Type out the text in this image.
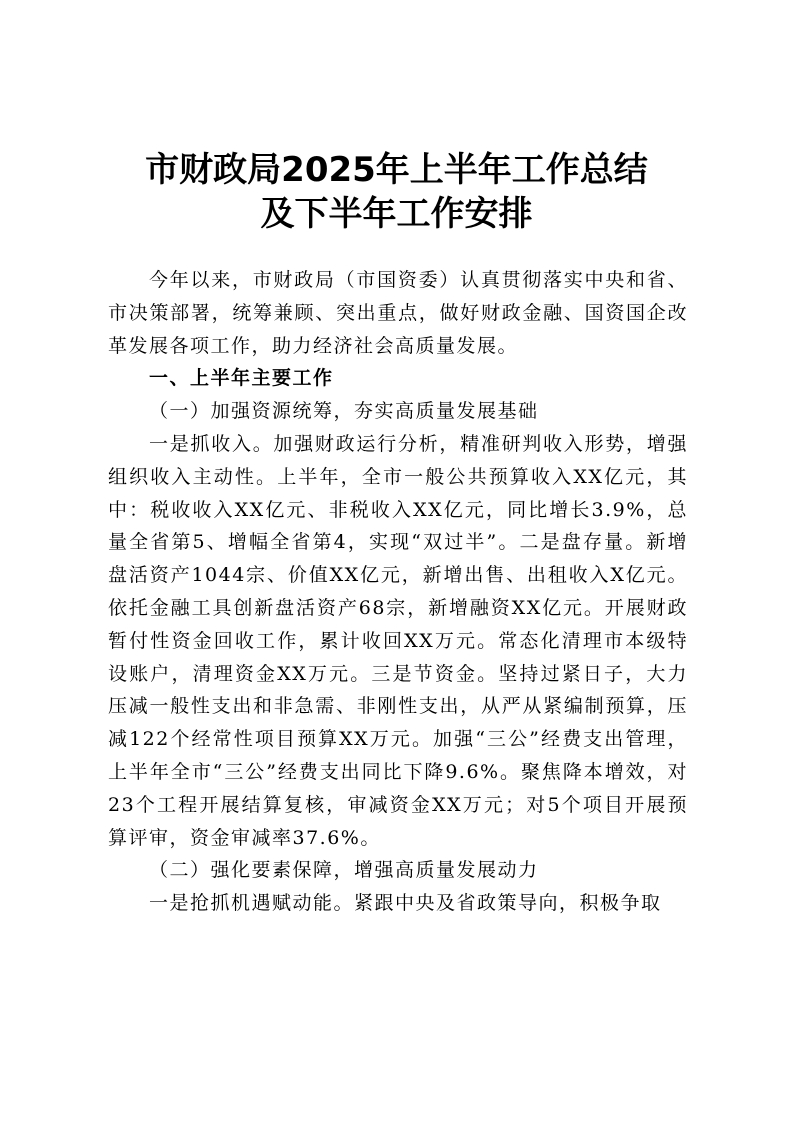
市财政局2025年上半年工作总结
及下半年工作安排

今年以来，市财政局（市国资委）认真贯彻落实中央和省、市决策部署，统筹兼顾、突出重点，做好财政金融、国资国企改革发展各项工作，助力经济社会高质量发展。

一、上半年主要工作

（一）加强资源统筹，夯实高质量发展基础

一是抓收入。加强财政运行分析，精准研判收入形势，增强组织收入主动性。上半年，全市一般公共预算收入XX亿元，其中：税收收入XX亿元、非税收入XX亿元，同比增长3.9%，总量全省第5、增幅全省第4，实现“双过半”。二是盘存量。新增盘活资产1044宗、价值XX亿元，新增出售、出租收入X亿元。依托金融工具创新盘活资产68宗，新增融资XX亿元。开展财政暂付性资金回收工作，累计收回XX万元。常态化清理市本级特设账户，清理资金XX万元。三是节资金。坚持过紧日子，大力压减一般性支出和非急需、非刚性支出，从严从紧编制预算，压减122个经常性项目预算XX万元。加强“三公”经费支出管理，上半年全市“三公”经费支出同比下降9.6%。聚焦降本增效，对23个工程开展结算复核，审减资金XX万元；对5个项目开展预算评审，资金审减率37.6%。

（二）强化要素保障，增强高质量发展动力

一是抢抓机遇赋动能。紧跟中央及省政策导向，积极争取
